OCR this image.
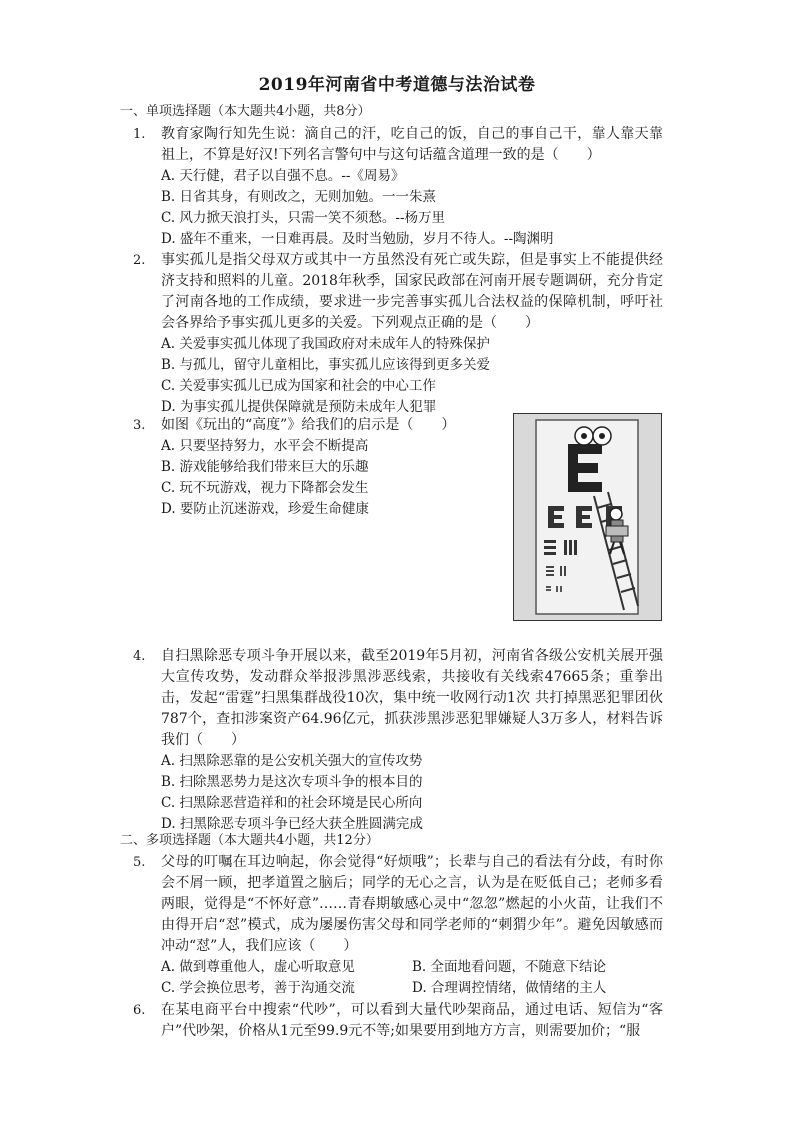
2019年河南省中考道德与法治试卷
一、单项选择题（本大题共4小题，共8分）
1. 教育家陶行知先生说：滴自己的汗，吃自己的饭，自己的事自己干，靠人靠天靠祖上，不算是好汉!下列名言警句中与这句话蕴含道理一致的是（　　）
A. 天行健，君子以自强不息。--《周易》
B. 日省其身，有则改之，无则加勉。一一朱熹
C. 风力掀天浪打头，只需一笑不须愁。--杨万里
D. 盛年不重来，一日难再晨。及时当勉励，岁月不待人。--陶渊明
2. 事实孤儿是指父母双方或其中一方虽然没有死亡或失踪，但是事实上不能提供经济支持和照料的儿童。2018年秋季，国家民政部在河南开展专题调研，充分肯定了河南各地的工作成绩，要求进一步完善事实孤儿合法权益的保障机制，呼吁社会各界给予事实孤儿更多的关爱。下列观点正确的是（　　）
A. 关爱事实孤儿体现了我国政府对未成年人的特殊保护
B. 与孤儿，留守儿童相比，事实孤儿应该得到更多关爱
C. 关爱事实孤儿已成为国家和社会的中心工作
D. 为事实孤儿提供保障就是预防未成年人犯罪
3. 如图《玩出的“高度”》给我们的启示是（　　）
A. 只要坚持努力，水平会不断提高
B. 游戏能够给我们带来巨大的乐趣
C. 玩不玩游戏，视力下降都会发生
D. 要防止沉迷游戏，珍爱生命健康
4. 自扫黑除恶专项斗争开展以来，截至2019年5月初，河南省各级公安机关展开强大宣传攻势，发动群众举报涉黑涉恶线索，共接收有关线索47665条；重拳出击，发起“雷霆”扫黑集群战役10次，集中统一收网行动1次 共打掉黑恶犯罪团伙787个，查扣涉案资产64.96亿元，抓获涉黑涉恶犯罪嫌疑人3万多人，材料告诉我们（　　）
A. 扫黑除恶靠的是公安机关强大的宣传攻势
B. 扫除黑恶势力是这次专项斗争的根本目的
C. 扫黑除恶营造祥和的社会环境是民心所向
D. 扫黑除恶专项斗争已经大获全胜圆满完成
二、多项选择题（本大题共4小题，共12分）
5. 父母的叮嘱在耳边响起，你会觉得“好烦哦”；长辈与自己的看法有分歧，有时你会不屑一顾，把孝道置之脑后；同学的无心之言，认为是在贬低自己；老师多看两眼，觉得是“不怀好意”……青春期敏感心灵中“忽忽”燃起的小火苗，让我们不由得开启“怼”模式，成为屡屡伤害父母和同学老师的“刺猬少年”。避免因敏感而冲动“怼”人，我们应该（　　）
A. 做到尊重他人，虚心听取意见	B. 全面地看问题，不随意下结论
C. 学会换位思考，善于沟通交流	D. 合理调控情绪，做情绪的主人
6. 在某电商平台中搜索“代吵”，可以看到大量代吵架商品，通过电话、短信为“客户”代吵架，价格从1元至99.9元不等;如果要用到地方方言，则需要加价；“服
